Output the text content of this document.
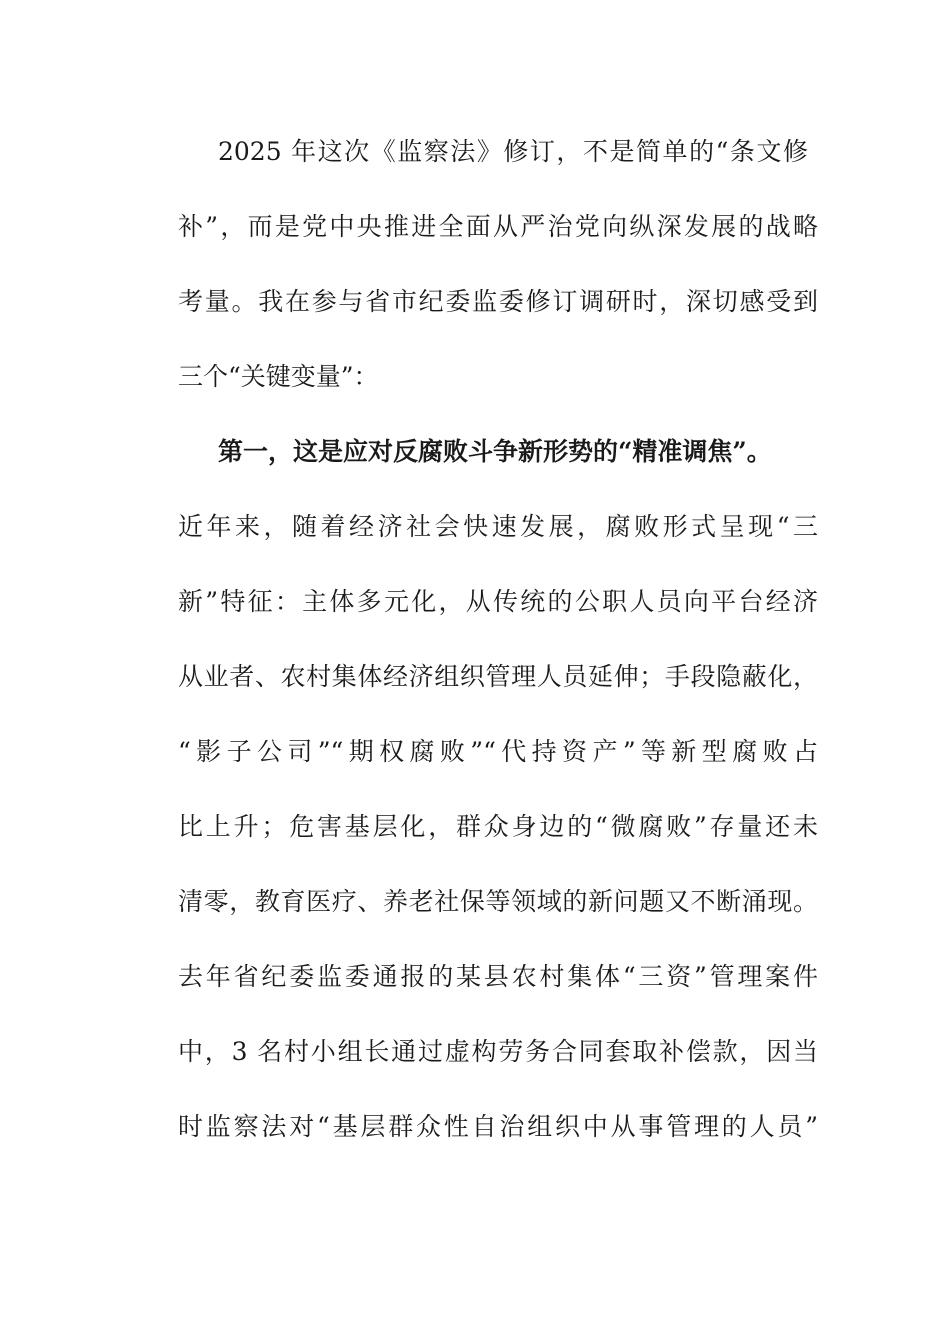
2025 年这次《监察法》修订，不是简单的“条文修
补”，而是党中央推进全面从严治党向纵深发展的战略
考量。我在参与省市纪委监委修订调研时，深切感受到
三个“关键变量”：
第一，这是应对反腐败斗争新形势的“精准调焦”。
近年来，随着经济社会快速发展，腐败形式呈现“三
新”特征：主体多元化，从传统的公职人员向平台经济
从业者、农村集体经济组织管理人员延伸；手段隐蔽化，
“影子公司”“期权腐败”“代持资产”等新型腐败占
比上升；危害基层化，群众身边的“微腐败”存量还未
清零，教育医疗、养老社保等领域的新问题又不断涌现。
去年省纪委监委通报的某县农村集体“三资”管理案件
中，3 名村小组长通过虚构劳务合同套取补偿款，因当
时监察法对“基层群众性自治组织中从事管理的人员”
